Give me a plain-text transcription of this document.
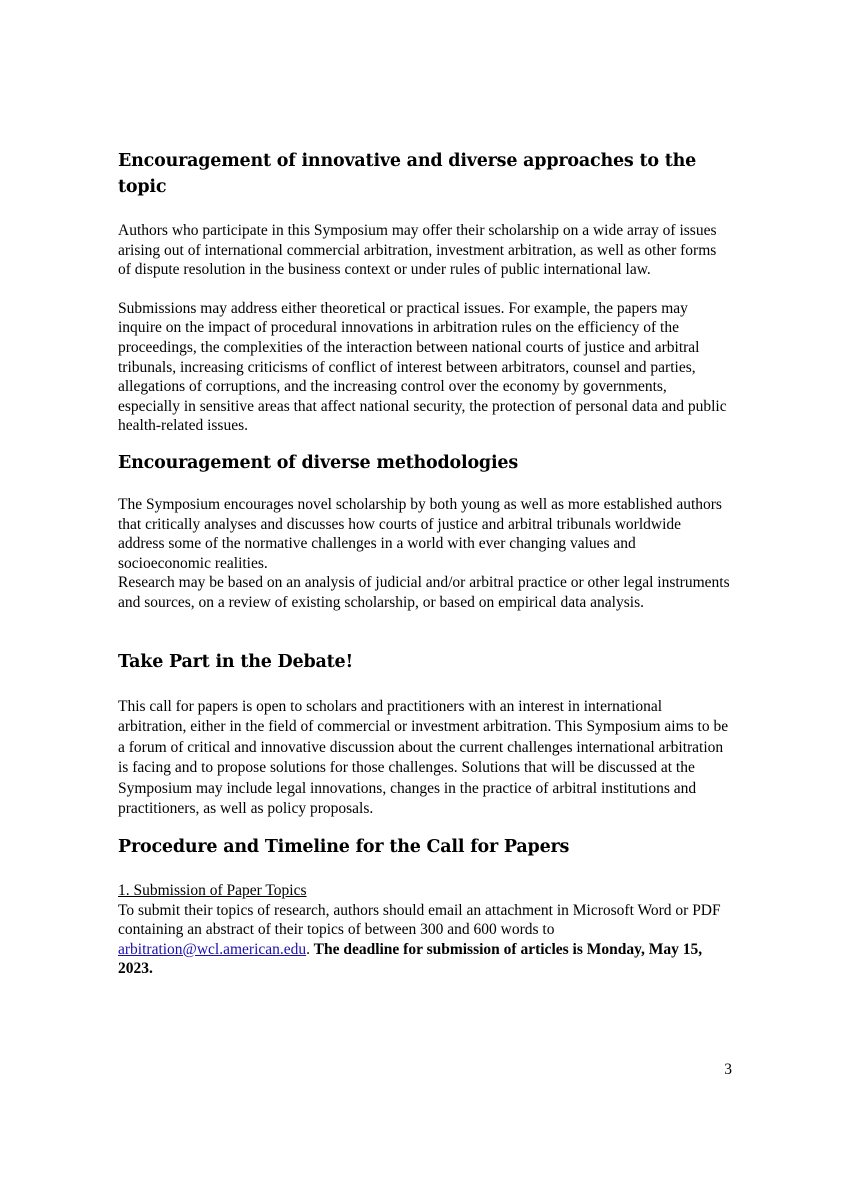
Encouragement of innovative and diverse approaches to the topic

Authors who participate in this Symposium may offer their scholarship on a wide array of issues arising out of international commercial arbitration, investment arbitration, as well as other forms of dispute resolution in the business context or under rules of public international law.

Submissions may address either theoretical or practical issues. For example, the papers may inquire on the impact of procedural innovations in arbitration rules on the efficiency of the proceedings, the complexities of the interaction between national courts of justice and arbitral tribunals, increasing criticisms of conflict of interest between arbitrators, counsel and parties, allegations of corruptions, and the increasing control over the economy by governments, especially in sensitive areas that affect national security, the protection of personal data and public health-related issues.

Encouragement of diverse methodologies

The Symposium encourages novel scholarship by both young as well as more established authors that critically analyses and discusses how courts of justice and arbitral tribunals worldwide address some of the normative challenges in a world with ever changing values and socioeconomic realities.

Research may be based on an analysis of judicial and/or arbitral practice or other legal instruments and sources, on a review of existing scholarship, or based on empirical data analysis.

Take Part in the Debate!

This call for papers is open to scholars and practitioners with an interest in international arbitration, either in the field of commercial or investment arbitration. This Symposium aims to be a forum of critical and innovative discussion about the current challenges international arbitration is facing and to propose solutions for those challenges. Solutions that will be discussed at the Symposium may include legal innovations, changes in the practice of arbitral institutions and practitioners, as well as policy proposals.

Procedure and Timeline for the Call for Papers

1. Submission of Paper Topics

To submit their topics of research, authors should email an attachment in Microsoft Word or PDF containing an abstract of their topics of between 300 and 600 words to arbitration@wcl.american.edu. The deadline for submission of articles is Monday, May 15, 2023.

3
